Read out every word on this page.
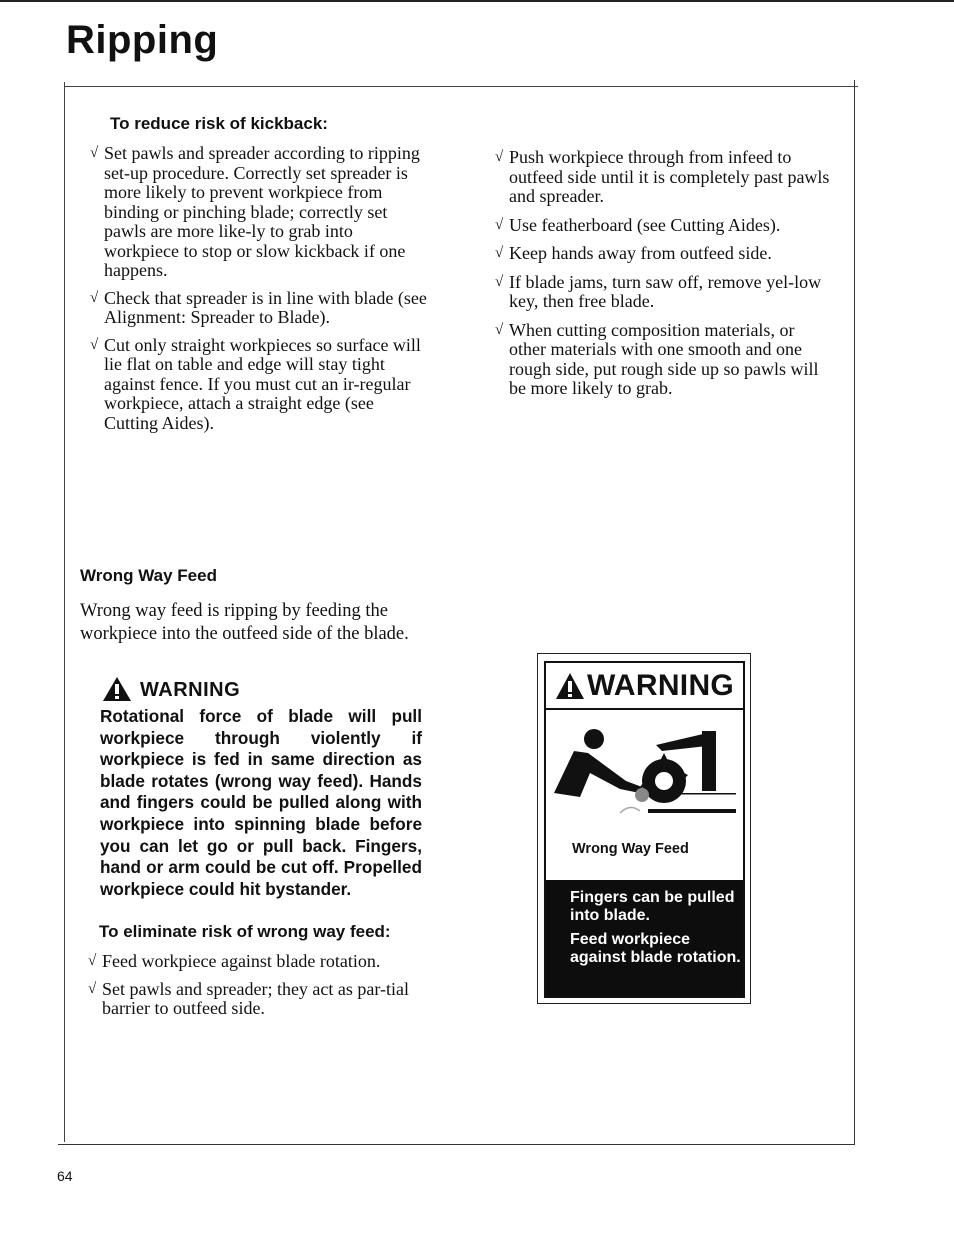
Ripping
To reduce risk of kickback:

√ Set pawls and spreader according to ripping set-up procedure. Correctly set spreader is more likely to prevent workpiece from binding or pinching blade; correctly set pawls are more like-ly to grab into workpiece to stop or slow kickback if one happens.

√ Check that spreader is in line with blade (see Alignment: Spreader to Blade).

√ Cut only straight workpieces so surface will lie flat on table and edge will stay tight against fence. If you must cut an ir-regular workpiece, attach a straight edge (see Cutting Aides).

√ Push workpiece through from infeed to outfeed side until it is completely past pawls and spreader.

√ Use featherboard (see Cutting Aides).

√ Keep hands away from outfeed side.

√ If blade jams, turn saw off, remove yel-low key, then free blade.

√ When cutting composition materials, or other materials with one smooth and one rough side, put rough side up so pawls will be more likely to grab.

Wrong Way Feed

Wrong way feed is ripping by feeding the workpiece into the outfeed side of the blade.

WARNING

Rotational force of blade will pull workpiece through violently if workpiece is fed in same direction as blade rotates (wrong way feed). Hands and fingers could be pulled along with workpiece into spinning blade before you can let go or pull back. Fingers, hand or arm could be cut off. Propelled workpiece could hit bystander.

To eliminate risk of wrong way feed:

√ Feed workpiece against blade rotation.

√ Set pawls and spreader; they act as par-tial barrier to outfeed side.

WARNING
Wrong Way Feed

Fingers can be pulled into blade.

Feed workpiece against blade rotation.

64
